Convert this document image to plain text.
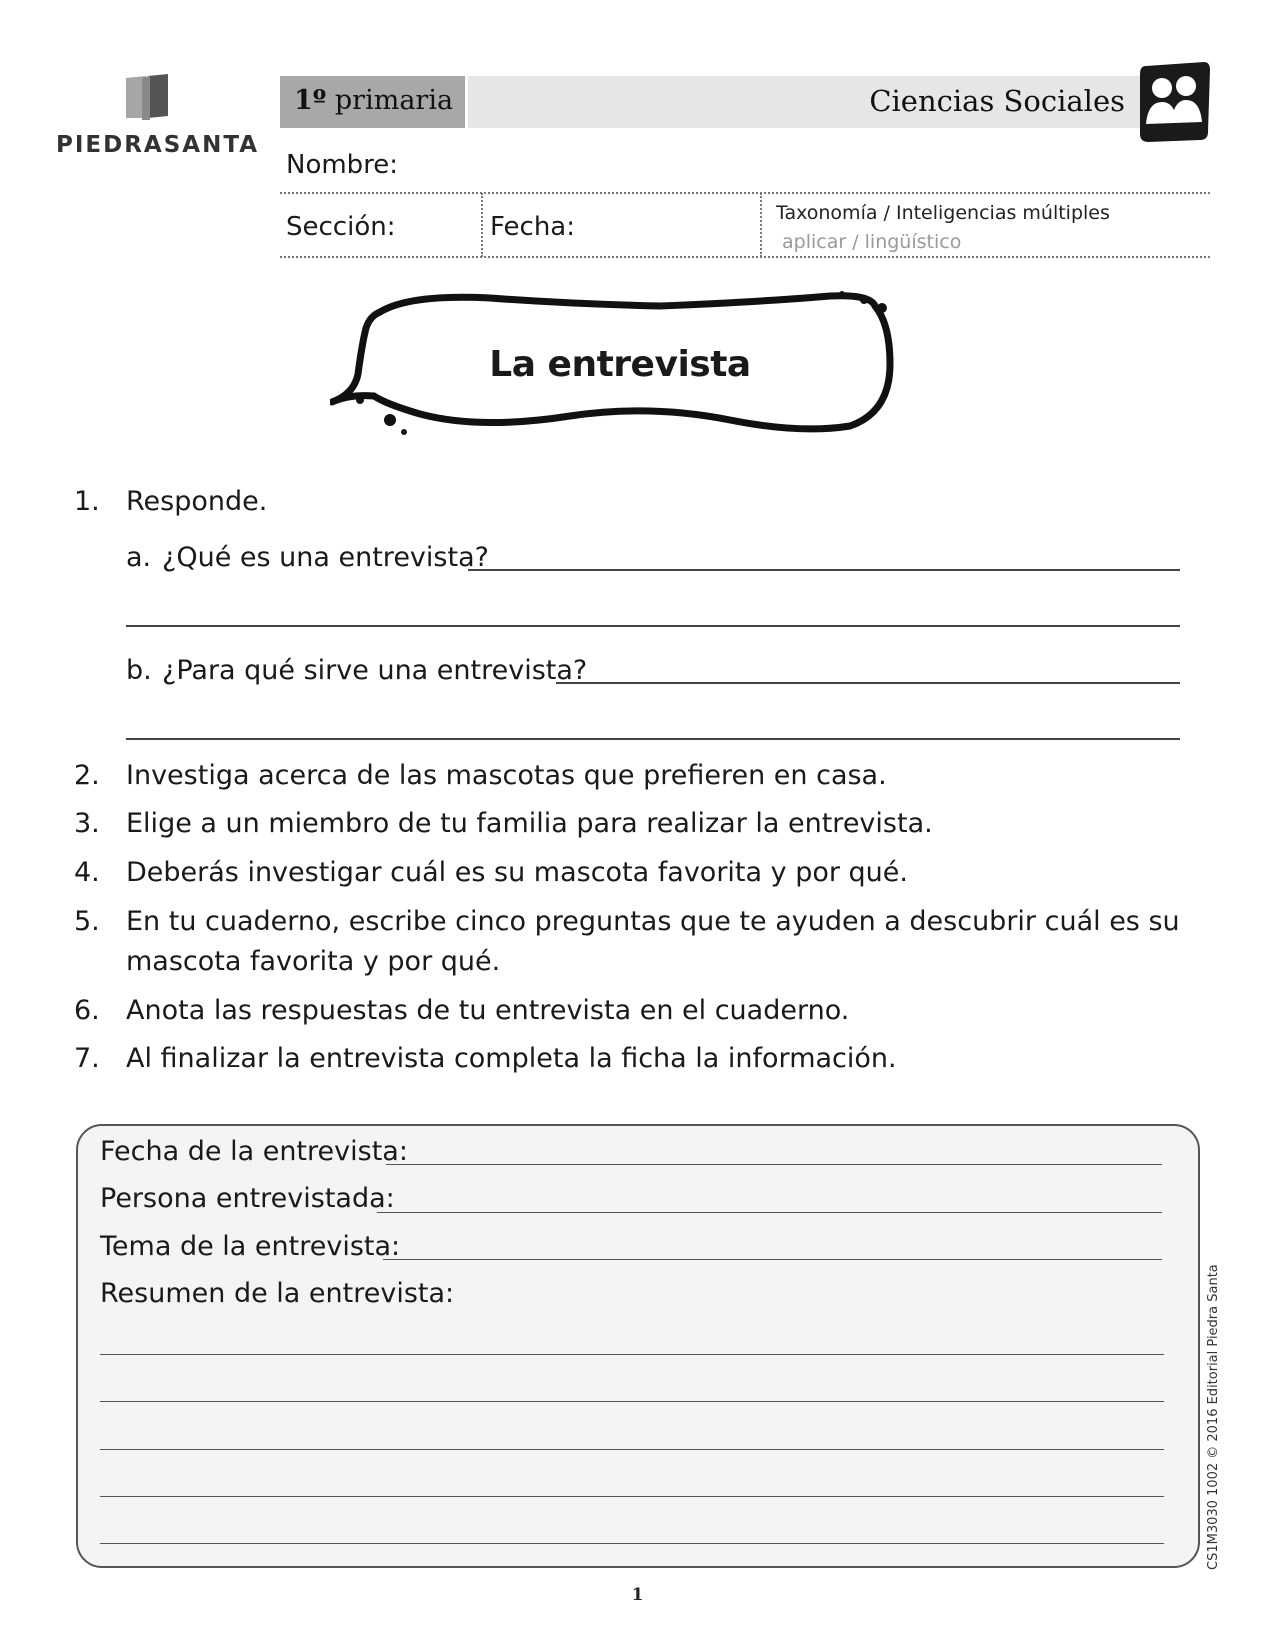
PIEDRASANTA
1º primaria	Ciencias Sociales
Nombre:
Sección:	Fecha:	Taxonomía / Inteligencias múltiples
aplicar / lingüístico
La entrevista
1. Responde.
a. ¿Qué es una entrevista?
b. ¿Para qué sirve una entrevista?
2. Investiga acerca de las mascotas que prefieren en casa.
3. Elige a un miembro de tu familia para realizar la entrevista.
4. Deberás investigar cuál es su mascota favorita y por qué.
5. En tu cuaderno, escribe cinco preguntas que te ayuden a descubrir cuál es su
mascota favorita y por qué.
6. Anota las respuestas de tu entrevista en el cuaderno.
7. Al finalizar la entrevista completa la ficha la información.
Fecha de la entrevista:
Persona entrevistada:
Tema de la entrevista:
Resumen de la entrevista:	CS1M3030 1002 © 2016 Editorial Piedra Santa
1
